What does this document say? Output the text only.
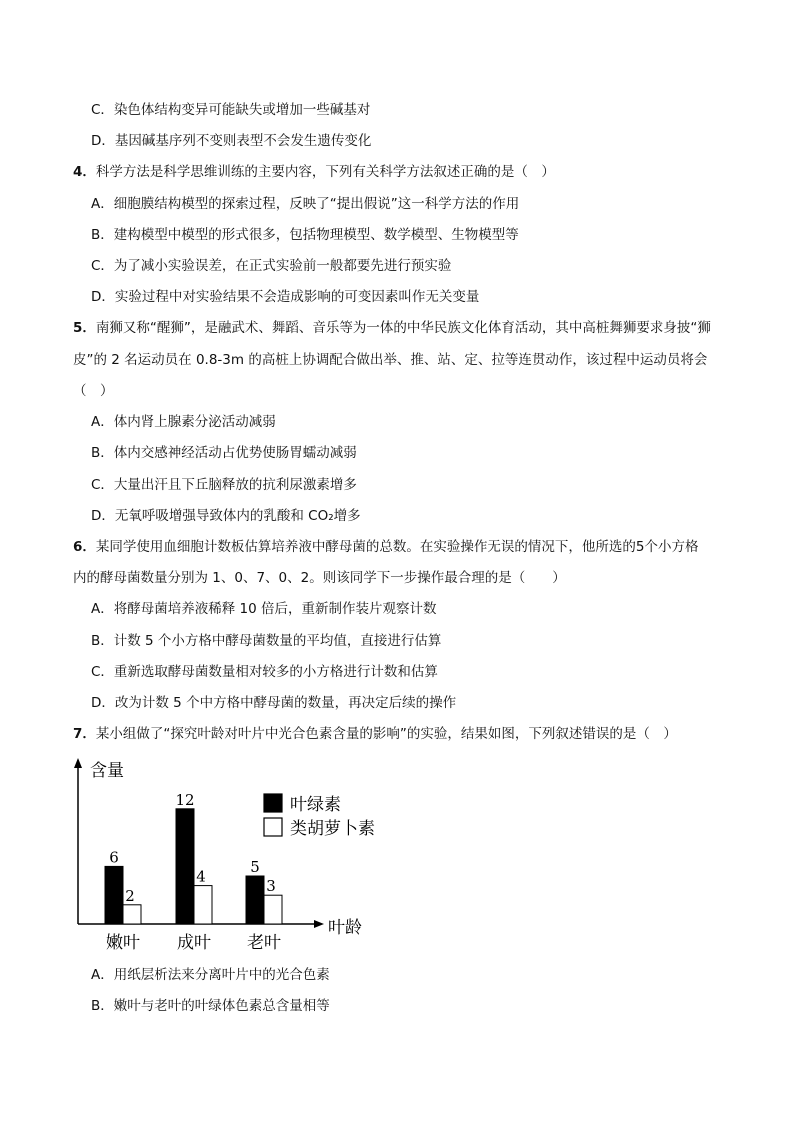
C．染色体结构变异可能缺失或增加一些碱基对
D．基因碱基序列不变则表型不会发生遗传变化
4．科学方法是科学思维训练的主要内容，下列有关科学方法叙述正确的是（　）
A．细胞膜结构模型的探索过程，反映了“提出假说”这一科学方法的作用
B．建构模型中模型的形式很多，包括物理模型、数学模型、生物模型等
C．为了减小实验误差，在正式实验前一般都要先进行预实验
D．实验过程中对实验结果不会造成影响的可变因素叫作无关变量
5．南狮又称“醒狮”，是融武术、舞蹈、音乐等为一体的中华民族文化体育活动，其中高桩舞狮要求身披“狮
皮”的 2 名运动员在 0.8-3m 的高桩上协调配合做出举、推、站、定、拉等连贯动作，该过程中运动员将会
（　）
A．体内肾上腺素分泌活动减弱
B．体内交感神经活动占优势使肠胃蠕动减弱
C．大量出汗且下丘脑释放的抗利尿激素增多
D．无氧呼吸增强导致体内的乳酸和 CO₂增多
6．某同学使用血细胞计数板估算培养液中酵母菌的总数。在实验操作无误的情况下，他所选的5个小方格
内的酵母菌数量分别为 1、0、7、0、2。则该同学下一步操作最合理的是（　　）
A．将酵母菌培养液稀释 10 倍后，重新制作装片观察计数
B．计数 5 个小方格中酵母菌数量的平均值，直接进行估算
C．重新选取酵母菌数量相对较多的小方格进行计数和估算
D．改为计数 5 个中方格中酵母菌的数量，再决定后续的操作
7．某小组做了“探究叶龄对叶片中光合色素含量的影响”的实验，结果如图，下列叙述错误的是（　）
含量
叶龄
6
2
嫩叶
12
4
成叶
5
3
老叶
叶绿素
类胡萝卜素
A．用纸层析法来分离叶片中的光合色素
B．嫩叶与老叶的叶绿体色素总含量相等
